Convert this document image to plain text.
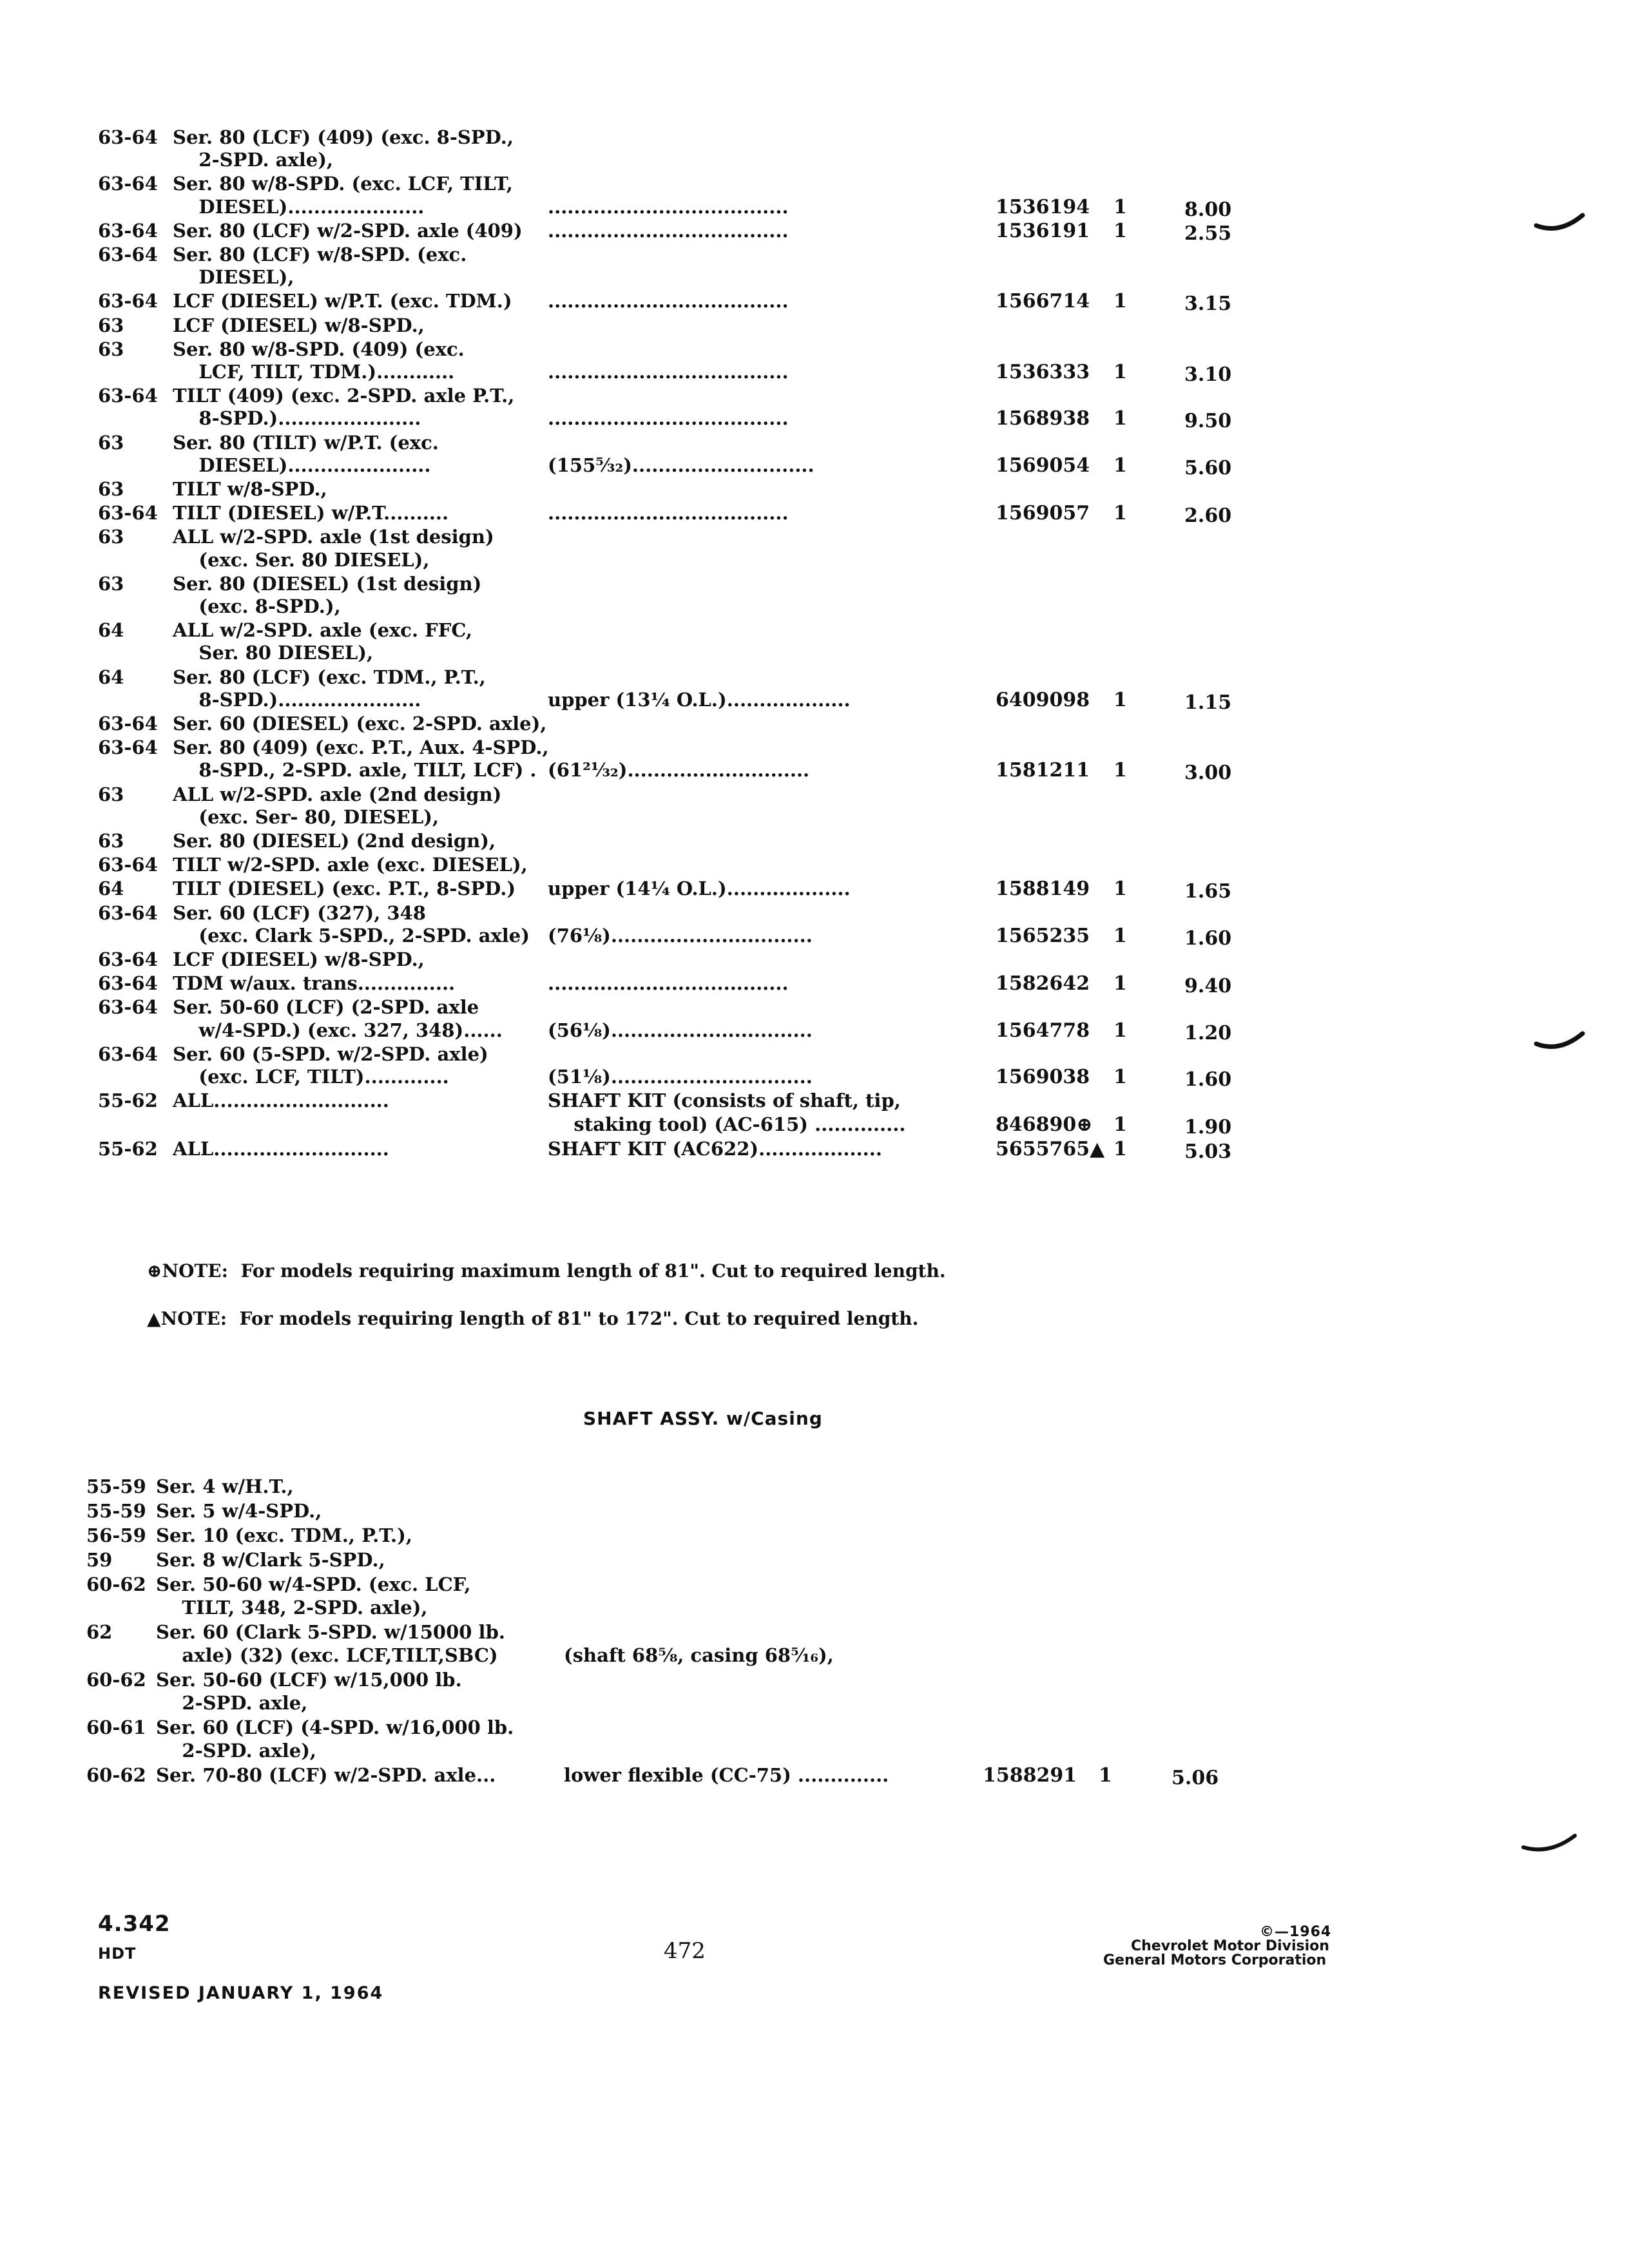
63-64 Ser. 80 (LCF) (409) (exc. 8-SPD.,
2-SPD. axle),
63-64 Ser. 80 w/8-SPD. (exc. LCF, TILT,
DIESEL).....................	.....................................	1536194 1	8.00
63-64 Ser. 80 (LCF) w/2-SPD. axle (409) .....................................	1536191 1	2.55
63-64 Ser. 80 (LCF) w/8-SPD. (exc.
DIESEL),
63-64 LCF (DIESEL) w/P.T. (exc. TDM.) .....................................	1566714 1	3.15
63	LCF (DIESEL) w/8-SPD.,
63	Ser. 80 w/8-SPD. (409) (exc.
LCF, TILT, TDM.)............	.....................................	1536333 1	3.10
63-64 TILT (409) (exc. 2-SPD. axle P.T.,
8-SPD.)......................	.....................................	1568938 1	9.50
63	Ser. 80 (TILT) w/P.T. (exc.
DIESEL)......................	(155⁵⁄₃₂)............................	1569054 1	5.60
63	TILT w/8-SPD.,
63-64 TILT (DIESEL) w/P.T..........	.....................................	1569057 1	2.60
63	ALL w/2-SPD. axle (1st design)
(exc. Ser. 80 DIESEL),
63	Ser. 80 (DIESEL) (1st design)
(exc. 8-SPD.),
64	ALL w/2-SPD. axle (exc. FFC,
Ser. 80 DIESEL),
64	Ser. 80 (LCF) (exc. TDM., P.T.,
8-SPD.)......................	upper (13¼ O.L.)...................	6409098 1	1.15
63-64 Ser. 60 (DIESEL) (exc. 2-SPD. axle),
63-64 Ser. 80 (409) (exc. P.T., Aux. 4-SPD.,
8-SPD., 2-SPD. axle, TILT, LCF) . (61²¹⁄₃₂)............................	1581211 1	3.00
63	ALL w/2-SPD. axle (2nd design)
(exc. Ser- 80, DIESEL),
63	Ser. 80 (DIESEL) (2nd design),
63-64 TILT w/2-SPD. axle (exc. DIESEL),
64	TILT (DIESEL) (exc. P.T., 8-SPD.) upper (14¼ O.L.)...................	1588149 1	1.65
63-64 Ser. 60 (LCF) (327), 348
(exc. Clark 5-SPD., 2-SPD. axle) (76⅛)...............................	1565235 1	1.60
63-64 LCF (DIESEL) w/8-SPD.,
63-64 TDM w/aux. trans...............	.....................................	1582642 1	9.40
63-64 Ser. 50-60 (LCF) (2-SPD. axle
w/4-SPD.) (exc. 327, 348)...... (56⅛)...............................	1564778 1	1.20
63-64 Ser. 60 (5-SPD. w/2-SPD. axle)
(exc. LCF, TILT).............	(51⅛)...............................	1569038 1	1.60
55-62 ALL...........................	SHAFT KIT (consists of shaft, tip,
staking tool) (AC-615) ..............	846890⊕ 1	1.90
55-62 ALL...........................	SHAFT KIT (AC622)...................	5655765▲ 1	5.03
⊕NOTE:  For models requiring maximum length of 81". Cut to required length.
▲NOTE:  For models requiring length of 81" to 172". Cut to required length.
SHAFT ASSY. w/Casing
55-59 Ser. 4 w/H.T.,
55-59 Ser. 5 w/4-SPD.,
56-59 Ser. 10 (exc. TDM., P.T.),
59 Ser. 8 w/Clark 5-SPD.,
60-62 Ser. 50-60 w/4-SPD. (exc. LCF,
TILT, 348, 2-SPD. axle),
62 Ser. 60 (Clark 5-SPD. w/15000 lb.
axle) (32) (exc. LCF,TILT,SBC)	(shaft 68⅝, casing 68⁵⁄₁₆),
60-62 Ser. 50-60 (LCF) w/15,000 lb.
2-SPD. axle,
60-61 Ser. 60 (LCF) (4-SPD. w/16,000 lb.
2-SPD. axle),
60-62 Ser. 70-80 (LCF) w/2-SPD. axle...	lower flexible (CC-75) ..............	1588291 1	5.06
4.342
HDT
REVISED JANUARY 1, 1964
472
©—1964
Chevrolet Motor Division
General Motors Corporation
